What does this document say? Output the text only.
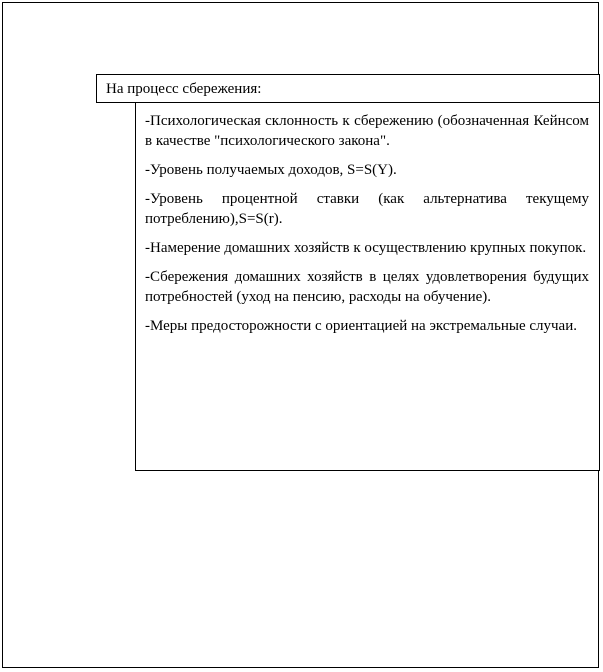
На процесс сбережения:

-Психологическая склонность к сбережению (обозначенная Кейнсом в качестве "психологического закона".

-Уровень получаемых доходов, S=S(Y).

-Уровень процентной ставки (как альтернатива текущему потреблению),S=S(r).

-Намерение домашних хозяйств к осуществлению крупных покупок.

-Сбережения домашних хозяйств в целях удовлетворения будущих потребностей (уход на пенсию, расходы на обучение).

-Меры предосторожности с ориентацией на экстремальные случаи.
